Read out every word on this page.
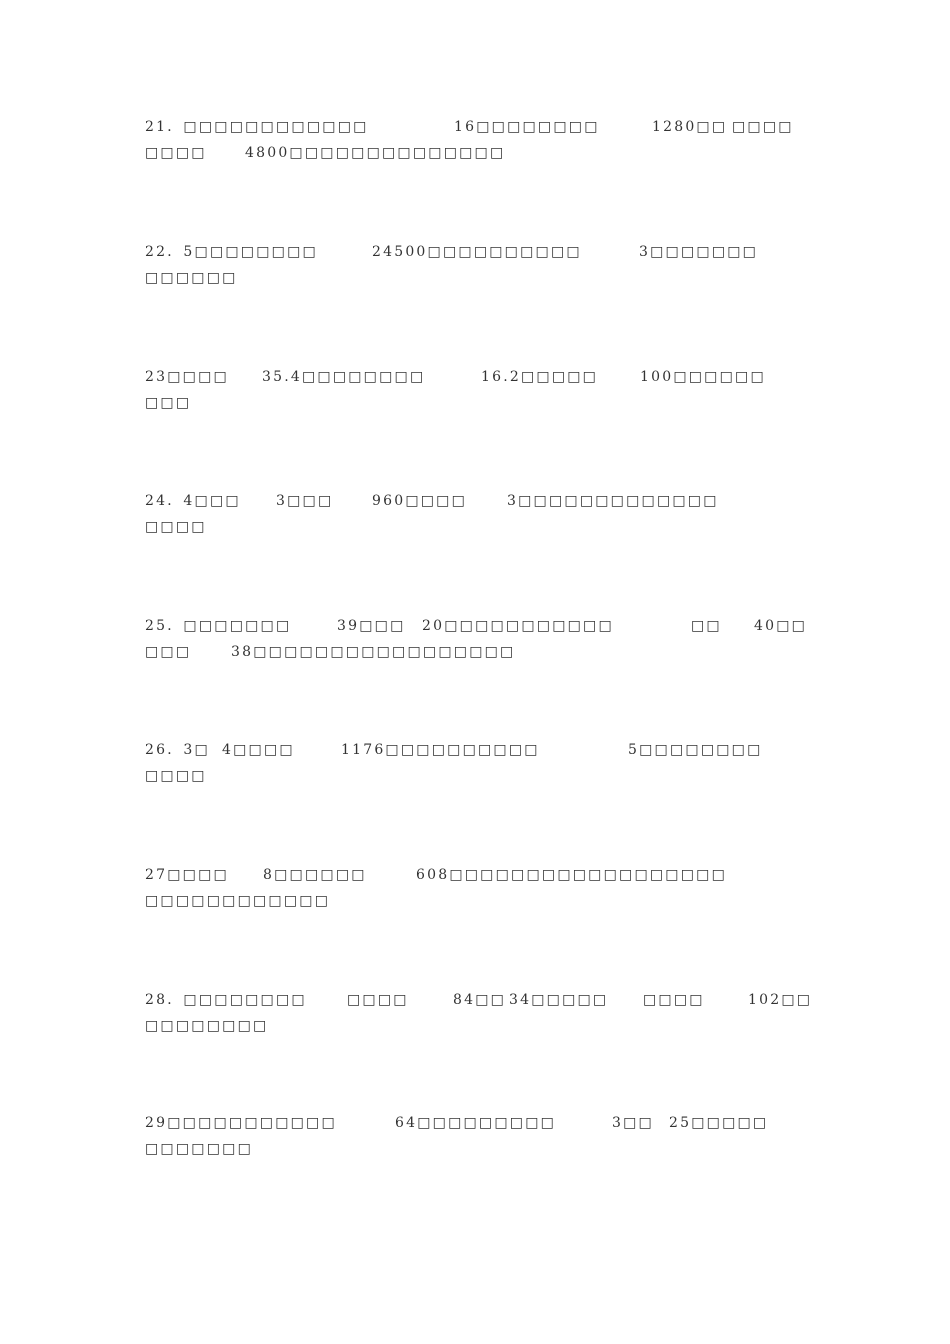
21．□□□□□□□□□□□□	16□□□□□□□□	1280□□ □□□□
□□□□	4800□□□□□□□□□□□□□□
22．5□□□□□□□□	24500□□□□□□□□□□	3□□□□□□□
□□□□□□
23□□□□ 35.4□□□□□□□□	16.2□□□□□	100□□□□□□
□□□
24．4□□□	3□□□	960□□□□	3□□□□□□□□□□□□□
□□□□
25．□□□□□□□	39□□□ 20□□□□□□□□□□□	□□ 40□□
□□□	38□□□□□□□□□□□□□□□□□
26．3□ 4□□□□	1176□□□□□□□□□□	5□□□□□□□□
□□□□
27□□□□ 8□□□□□□	608□□□□□□□□□□□□□□□□□□
□□□□□□□□□□□□
28．□□□□□□□□	□□□□	84□□ 34□□□□□ □□□□	102□□
□□□□□□□□
29□□□□□□□□□□□	64□□□□□□□□□	3□□ 25□□□□□
□□□□□□□
